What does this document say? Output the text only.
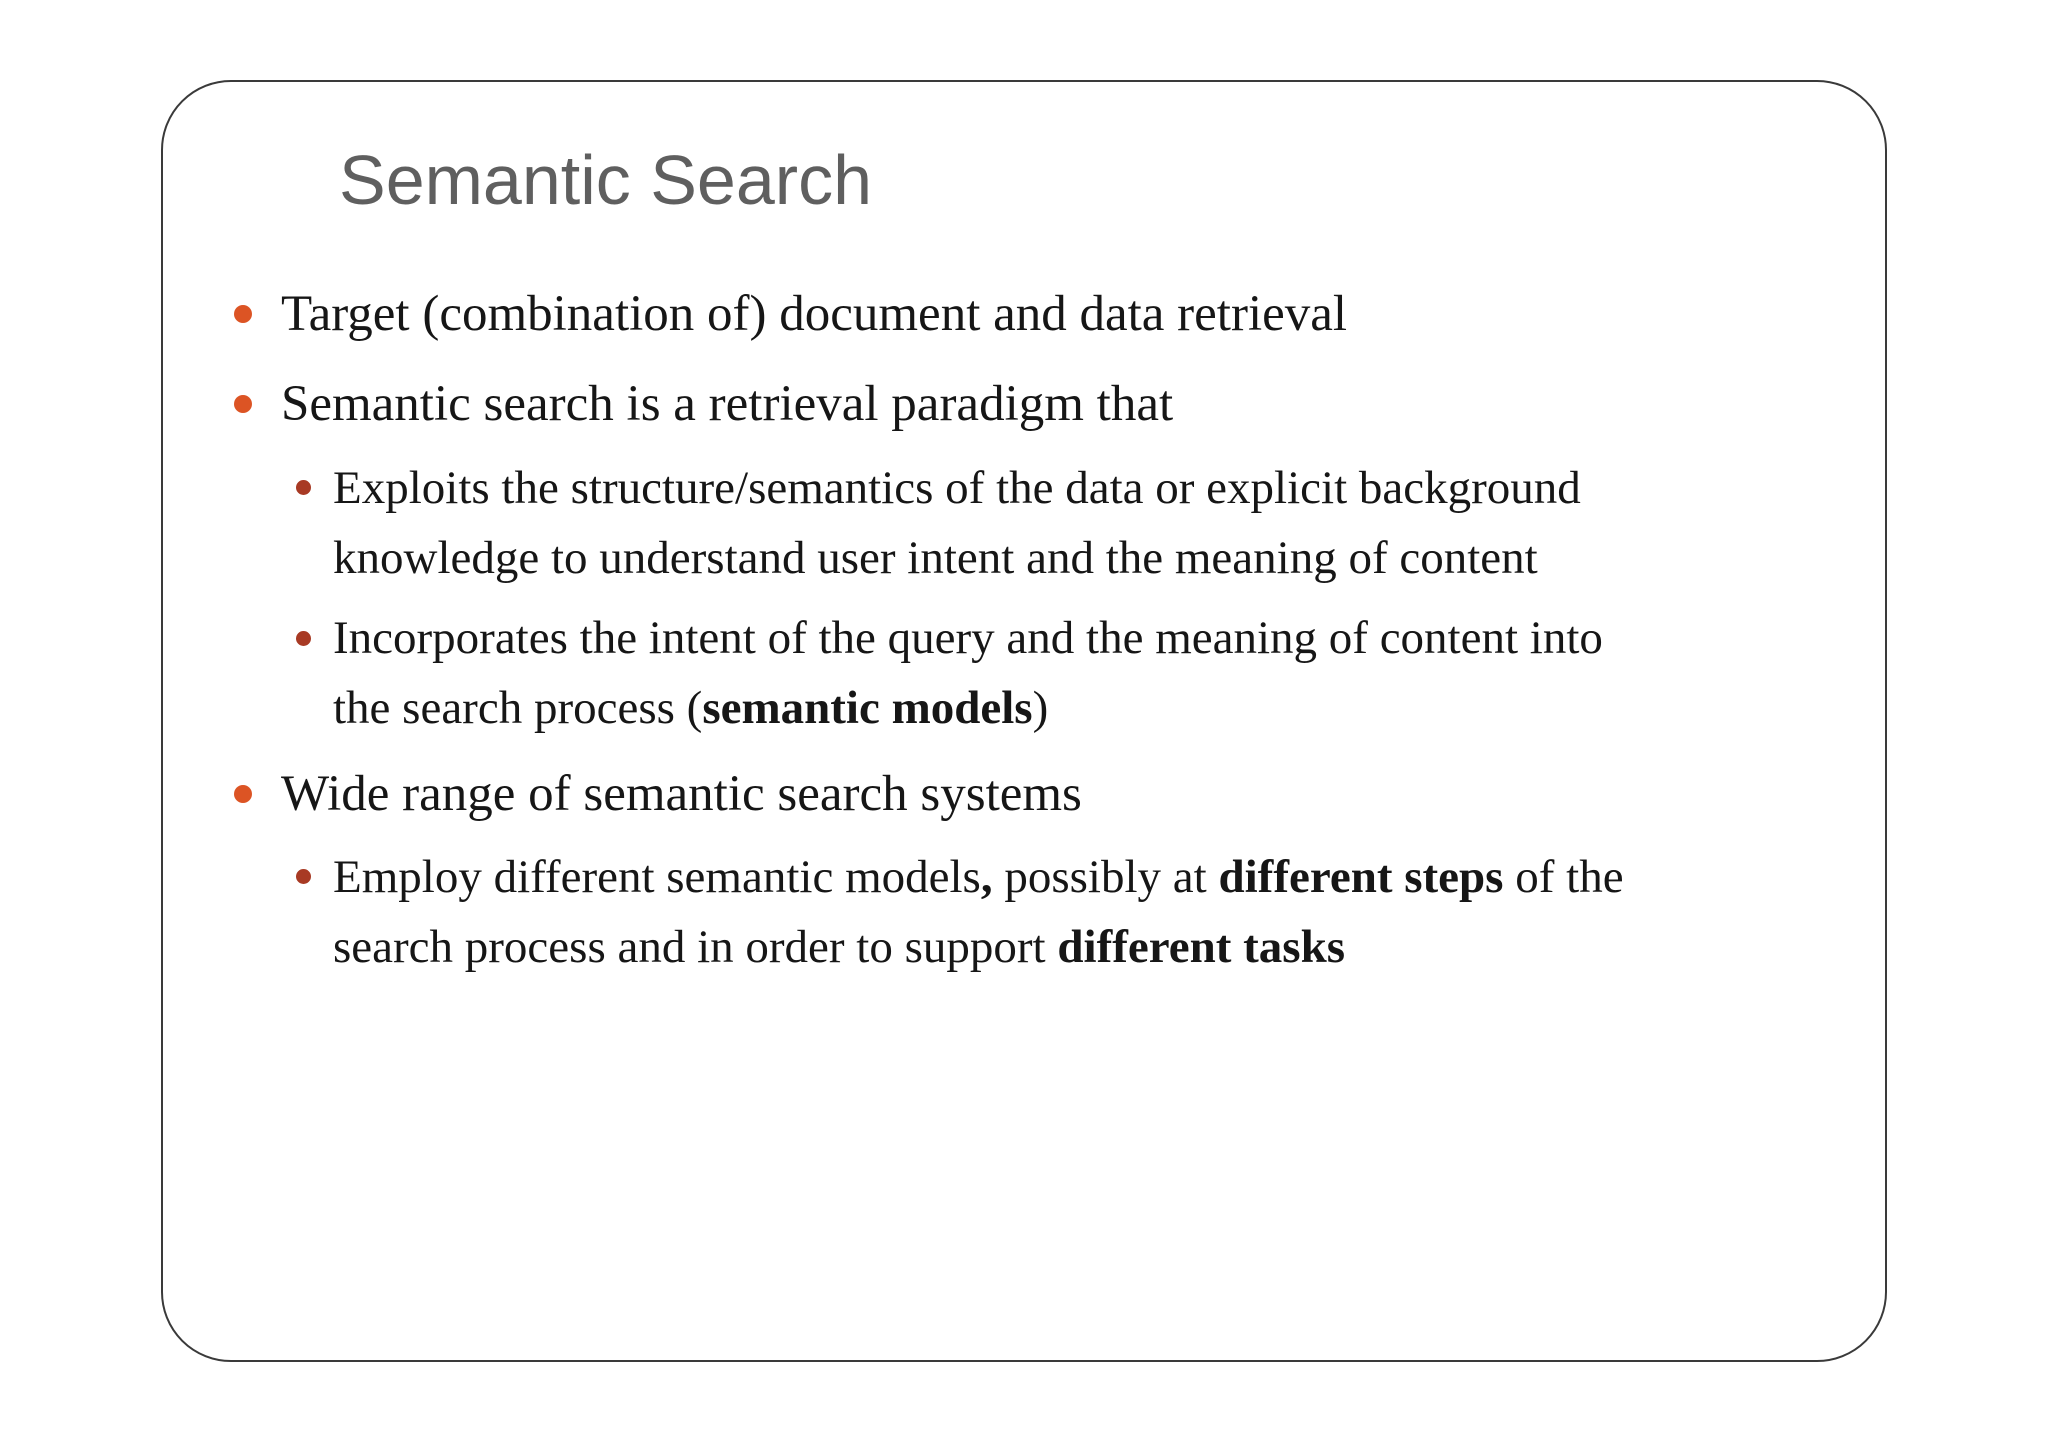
Semantic Search
Target (combination of) document and data retrieval
Semantic search is a retrieval paradigm that
Exploits the structure/semantics of the data or explicit background
knowledge to understand user intent and the meaning of content
Incorporates the intent of the query and the meaning of content into
the search process (semantic models)
Wide range of semantic search systems
Employ different semantic models, possibly at different steps of the
search process and in order to support different tasks
